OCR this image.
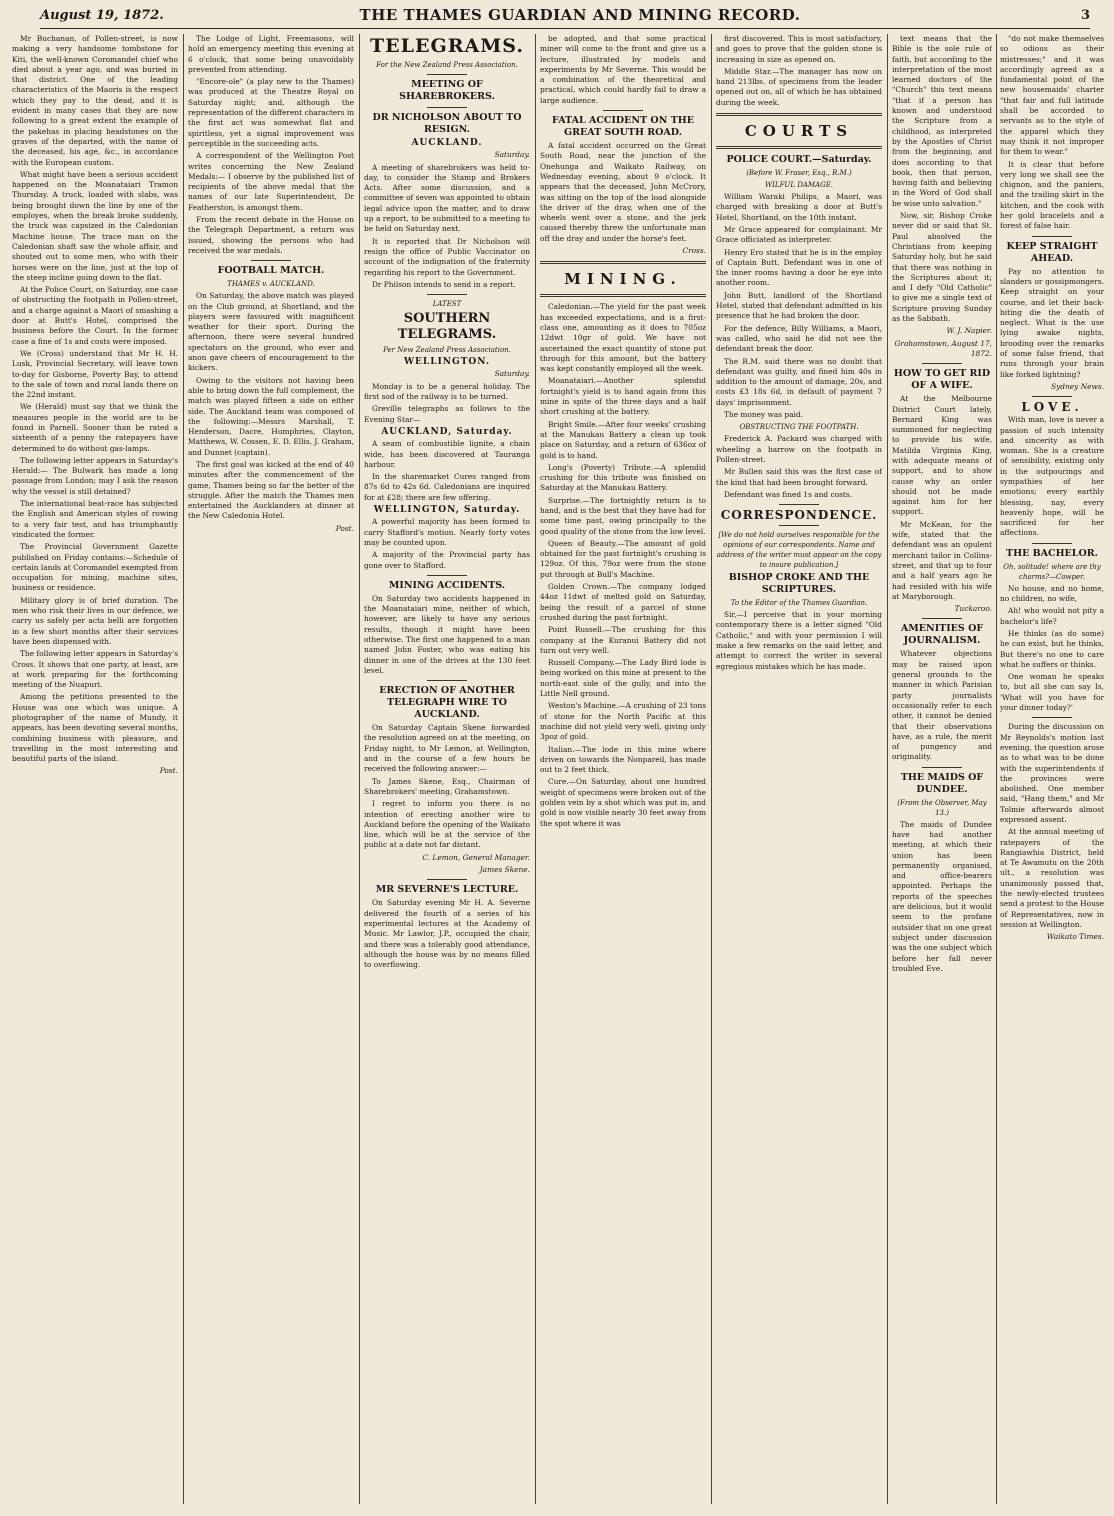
August 19, 1872.	THE THAMES GUARDIAN AND MINING RECORD.	3

Mr Buchanan, of Pollen-street, is now making a very handsome tombstone for Kiti, the well-known Coromandel chief who died about a year ago, and was buried in that district. One of the leading characteristics of the Maoris is the respect which they pay to the dead, and it is evident in many cases that they are now following to a great extent the example of the pakehas in placing headstones on the graves of the departed, with the name of the deceased, his age, &c., in accordance with the European custom.

What might have been a serious accident happened on the Moanataiari Tramon Thursday. A truck, loaded with slabs, was being brought down the line by one of the employes, when the break broke suddenly, the truck was capsized in the Caledonian Machine house. The trace man on the Caledonian shaft saw the whole affair, and shouted out to some men, who with their horses were on the line, just at the top of the steep incline going down to the flat.

At the Police Court, on Saturday, one case of obstructing the footpath in Pollen-street, and a charge against a Maori of smashing a door at Butt's Hotel, comprised the business before the Court. In the former case a fine of 1s and costs were imposed.

We (Cross) understand that Mr H. H. Lusk, Provincial Secretary, will leave town to-day for Gisborne, Poverty Bay, to attend to the sale of town and rural lands there on the 22nd instant.

We (Herald) must say that we think the measures people in the world are to be found in Parnell. Sooner than be rated a sixteenth of a penny the ratepayers have determined to do without gas-lamps.

The following letter appears in Saturday's Herald:— The Bulwark has made a long passage from London; may I ask the reason why the vessel is still detained?

The international beat-race has subjected the English and American styles of rowing to a very fair test, and has triumphantly vindicated the former.

The Provincial Government Gazette published on Friday contains:—Schedule of certain lands at Coromandel exempted from occupation for mining, machine sites, business or residence.

Military glory is of brief duration. The men who risk their lives in our defence, we carry us safely per acta belli are forgotten in a few short months after their services have been dispensed with.

The following letter appears in Saturday's Cross. It shows that one party, at least, are at work preparing for the forthcoming meeting of the Nuapuri.

Among the petitions presented to the House was one which was unique. A photographer of the name of Mundy, it appears, has been devoting several months, combining business with pleasure, and travelling in the most interesting and beautiful parts of the island.

Post.

The Lodge of Light, Freemasons, will hold an emergency meeting this evening at 6 o'clock, that some being unavoidably prevented from attending.

"Encore-ole" (a play new to the Thames) was produced at the Theatre Royal on Saturday night; and, although the representation of the different characters in the first act was somewhat flat and spiritless, yet a signal improvement was perceptible in the succeeding acts.

A correspondent of the Wellington Post writes concerning the New Zealand Medals:— I observe by the published list of recipients of the above medal that the names of our late Superintendent, Dr Featherston, is amongst them.

From the recent debate in the House on the Telegraph Department, a return was issued, showing the persons who had received the war medals.

FOOTBALL MATCH.

THAMES v. AUCKLAND.

On Saturday, the above match was played on the Club ground, at Shortland, and the players were favoured with magnificent weather for their sport. During the afternoon, there were several hundred spectators on the ground, who ever and anon gave cheers of encouragement to the kickers.

Owing to the visitors not having been able to bring down the full complement, the match was played fifteen a side on either side. The Auckland team was composed of the following:—Messrs Marshall, T. Henderson, Dacre, Humphries, Clayton, Matthews, W. Cossen, E. D. Ellis, J. Graham, and Dunnet (captain).

The first goal was kicked at the end of 40 minutes after the commencement of the game, Thames being so far the better of the struggle. After the match the Thames men entertained the Aucklanders at dinner at the New Caledonia Hotel.

Post.

TELEGRAMS.

For the New Zealand Press Association.

MEETING OF SHAREBROKERS.

DR NICHOLSON ABOUT TO RESIGN.

AUCKLAND.

Saturday.

A meeting of sharebrokers was held to-day, to consider the Stamp and Brokers Acts. After some discussion, and a committee of seven was appointed to obtain legal advice upon the matter, and to draw up a report, to be submitted to a meeting to be held on Saturday next.

It is reported that Dr Nicholson will resign the office of Public Vaccinator on account of the indignation of the fraternity regarding his report to the Government.

Dr Philson intends to send in a report.

LATEST

SOUTHERN TELEGRAMS.

Per New Zealand Press Association.

WELLINGTON.

Saturday.

Monday is to be a general holiday. The first sod of the railway is to be turned.

Greville telegraphs as follows to the Evening Star—

AUCKLAND, Saturday.

A seam of combustible lignite, a chain wide, has been discovered at Tauranga harbour.

In the sharemarket Cures ranged from 87s 6d to 42s 6d. Caledonians are inquired for at £28; there are few offering.

WELLINGTON, Saturday.

A powerful majority has been formed to carry Stafford's motion. Nearly forty votes may be counted upon.

A majority of the Provincial party has gone over to Stafford.

MINING ACCIDENTS.

On Saturday two accidents happened in the Moanataiari mine, neither of which, however, are likely to have any serious results, though it might have been otherwise. The first one happened to a man named John Foster, who was eating his dinner in one of the drives at the 130 feet level.

ERECTION OF ANOTHER TELEGRAPH WIRE TO AUCKLAND.

On Saturday Captain Skene forwarded the resolution agreed on at the meeting, on Friday night, to Mr Lemon, at Wellington, and in the course of a few hours he received the following answer:—

To James Skene, Esq., Chairman of Sharebrokers' meeting, Grahamstown.

I regret to inform you there is no intention of erecting another wire to Auckland before the opening of the Waikato line, which will be at the service of the public at a date not far distant.

C. Lemon, General Manager.

James Skene.

MR SEVERNE'S LECTURE.

On Saturday evening Mr H. A. Severne delivered the fourth of a series of his experimental lectures at the Academy of Music. Mr Lawlor, J.P., occupied the chair, and there was a tolerably good attendance, although the house was by no means filled to overflowing.

be adopted, and that some practical miner will come to the front and give us a lecture, illustrated by models and experiments by Mr Severne. This would be a combination of the theoretical and practical, which could hardly fail to draw a large audience.

FATAL ACCIDENT ON THE GREAT SOUTH ROAD.

A fatal accident occurred on the Great South Road, near the junction of the Onehunga and Waikato Railway, on Wednesday evening, about 9 o'clock. It appears that the deceased, John McCrory, was sitting on the top of the load alongside the driver of the dray, when one of the wheels went over a stone, and the jerk caused thereby threw the unfortunate man off the dray and under the horse's feet.

Cross.

MINING.

Caledonian.—The yield for the past week has exceeded expectations, and is a first-class one, amounting as it does to 705oz 12dwt 10gr of gold. We have not ascertained the exact quantity of stone put through for this amount, but the battery was kept constantly employed all the week.

Moanataiari.—Another splendid fortnight's yield is to hand again from this mine in spite of the three days and a half short crushing at the battery.

Bright Smile.—After four weeks' crushing at the Manukau Battery a clean up took place on Saturday, and a return of 636oz of gold is to hand.

Long's (Poverty) Tribute.—A splendid crushing for this tribute was finished on Saturday at the Manukau Battery.

Surprise.—The fortnightly return is to hand, and is the best that they have had for some time past, owing principally to the good quality of the stone from the low level.

Queen of Beauty.—The amount of gold obtained for the past fortnight's crushing is 129oz. Of this, 79oz were from the stone put through at Bull's Machine.

Golden Crown.—The company lodged 44oz 11dwt of melted gold on Saturday, being the result of a parcel of stone crushed during the past fortnight.

Point Russell.—The crushing for this company at the Kuranui Battery did not turn out very well.

Russell Company.—The Lady Bird lode is being worked on this mine at present to the north-east side of the gully, and into the Little Nell ground.

Weston's Machine.—A crushing of 23 tons of stone for the North Pacific at this machine did not yield very well, giving only 3poz of gold.

Italian.—The lode in this mine where driven on towards the Nonpareil, has made out to 2 feet thick.

Cure.—On Saturday, about one hundred weight of specimens were broken out of the golden vein by a shot which was put in, and gold is now visible nearly 30 feet away from the spot where it was

first discovered. This is most satisfactory, and goes to prove that the golden stone is increasing in size as opened on.

Middle Star.—The manager has now on hand 213lbs. of specimens from the leader opened out on, all of which he has obtained during the week.

COURTS

POLICE COURT.—Saturday.

(Before W. Fraser, Esq., R.M.)

WILFUL DAMAGE.

William Waraki Philips, a Maori, was charged with breaking a door at Butt's Hotel, Shortland, on the 10th instant.

Mr Grace appeared for complainant. Mr Grace officiated as interpreter.

Henry Ero stated that he is in the employ of Captain Butt. Defendant was in one of the inner rooms having a door he eye into another room.

John Butt, landlord of the Shortland Hotel, stated that defendant admitted in his presence that he had broken the door.

For the defence, Billy Williams, a Maori, was called, who said he did not see the defendant break the door.

The R.M. said there was no doubt that defendant was guilty, and fined him 40s in addition to the amount of damage, 20s, and costs £3 18s 6d, in default of payment 7 days' imprisonment.

The money was paid.

OBSTRUCTING THE FOOTPATH.

Frederick A. Packard was charged with wheeling a barrow on the footpath in Pollen-street.

Mr Bullen said this was the first case of the kind that had been brought forward.

Defendant was fined 1s and costs.

CORRESPONDENCE.

[We do not hold ourselves responsible for the opinions of our correspondents. Name and address of the writer must appear on the copy to insure publication.]

BISHOP CROKE AND THE SCRIPTURES.

To the Editor of the Thames Guardian.

Sir,—I perceive that in your morning contemporary there is a letter signed "Old Catholic," and with your permission I will make a few remarks on the said letter, and attempt to correct the writer in several egregious mistakes which he has made.

text means that the Bible is the sole rule of faith, but according to the interpretation of the most learned doctors of the "Church" this text means "that if a person has known and understood the Scripture from a childhood, as interpreted by the Apostles of Christ from the beginning, and does according to that book, then that person, having faith and believing in the Word of God shall be wise unto salvation."

Now, sir, Bishop Croke never did or said that St. Paul absolved the Christians from keeping Saturday holy, but he said that there was nothing in the Scriptures about it; and I defy "Old Catholic" to give me a single text of Scripture proving Sunday as the Sabbath.

W. J. Napier.

Grahamstown, August 17, 1872.

HOW TO GET RID OF A WIFE.

At the Melbourne District Court lately, Bernard King was summoned for neglecting to provide his wife, Matilda Virginia King, with adequate means of support, and to show cause why an order should not be made against him for her support.

Mr McKean, for the wife, stated that the defendant was an opulent merchant tailor in Collins-street, and that up to four and a half years ago he had resided with his wife at Maryborough.

Tuckaroo.

AMENITIES OF JOURNALISM.

Whatever objections may be raised upon general grounds to the manner in which Parisian party journalists occasionally refer to each other, it cannot be denied that their observations have, as a rule, the merit of pungency and originality.

THE MAIDS OF DUNDEE.

(From the Observer, May 13.)

The maids of Dundee have had another meeting, at which their union has been permanently organised, and office-bearers appointed. Perhaps the reports of the speeches are delicious, but it would seem to the profane outsider that on one great subject under discussion was the one subject which before her fall never troubled Eve.

"do not make themselves so odious as their mistresses;" and it was accordingly agreed as a fundamental point of the new housemaids' charter "that fair and full latitude shall be accorded to servants as to the style of the apparel which they may think it not improper for them to wear."

It is clear that before very long we shall see the chignon, and the paniers, and the trailing skirt in the kitchen, and the cook with her gold bracelets and a forest of false hair.

KEEP STRAIGHT AHEAD.

Pay no attention to slanders or gossipmongers. Keep straight on your course, and let their back-biting die the death of neglect. What is the use lying awake nights, brooding over the remarks of some false friend, that runs through your brain like forked lightning?

Sydney News.

LOVE.

With man, love is never a passion of such intensity and sincerity as with woman. She is a creature of sensibility, existing only in the outpourings and sympathies of her emotions; every earthly blessing, nay, every heavenly hope, will be sacrificed for her affections.

THE BACHELOR.

Oh, solitude! where are thy charms?—Cowper.

No house, and no home, no children, no wife,

Ah! who would not pity a bachelor's life?

He thinks (as do some) he can exist, but he thinks, But there's no one to care what he suffers or thinks.

One woman he speaks to, but all she can say Is, 'What will you have for your dinner today?'

During the discussion on Mr Reynolds's motion last evening, the question arose as to what was to be done with the superintendents if the provinces were abolished. One member said, "Hang them," and Mr Tolmie afterwards almost expressed assent.

At the annual meeting of ratepayers of the Rangiawhia District, held at Te Awamutu on the 20th ult., a resolution was unanimously passed that, the newly-elected trustees send a protest to the House of Representatives, now in session at Wellington.

Waikato Times.
